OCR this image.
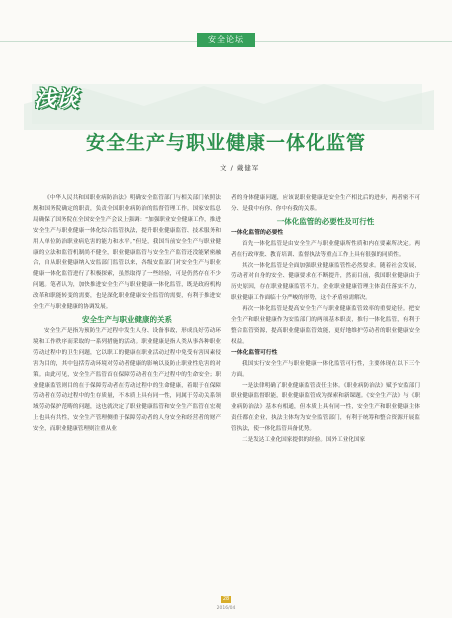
安全论坛
浅谈
安全生产与职业健康一体化监管
文 / 戴健军

《中华人民共和国职业病防治法》明确安全监管部门与相关部门依照法规和国务院确定的职责，负责全国职业病防治的监督管理工作。国家安监总局确保了国务院在全国安全生产会议上强调：“加强职业安全健康工作，推进安全生产与职业健康一体化综合监管执法，提升职业健康监管、技术服务和用人单位防治职业病危害的能力和水平。”但是，我国当前安全生产与职业健康的立法和监管机制尚不健全，职业健康监管与安全生产监管还没能紧密融合，自从职业健康纳入安监部门监管以来，各级安监部门对安全生产与职业健康一体化监管进行了积极探索，虽然取得了一些经验，可是仍然存在不少问题。笔者认为，加快推进安全生产与职业健康一体化监管，既是政府机构改革和职能转变的需要，也是深化职业健康安全监管的需要，有利于推进安全生产与职业健康的协调发展。

安全生产与职业健康的关系

安全生产是指为预防生产过程中发生人身、设备事故，形成良好劳动环境和工作秩序而采取的一系列措施的活动。职业健康是指人类从事各种职业劳动过程中的卫生问题，它以职工的健康在职业活动过程中免受有害因素侵害为目的，其中包括劳动环境对劳动者健康的影响以及防止职业性危害的对策。由此可见，安全生产监管首在保障劳动者在生产过程中的生命安全；职业健康监管则目的在于保障劳动者在劳动过程中的生命健康，着眼于在保障劳动者在劳动过程中的生存质量，不本质上具有同一性，同属于劳动关系领域劳动保护范畴的问题，这也就决定了职业健康监管和安全生产监管在宏观上也具有共性，安全生产管理侧重于保障劳动者的人身安全和经营者的财产安全，而职业健康管理则注重从业

者的身体健康问题，应该说职业健康是安全生产相比后的进步，两者密不可分、是我中有你、你中有我的关系。

一体化监管的必要性及可行性

一体化监管的必要性

首先一体化监管是由安全生产与职业健康所性质和内在要素所决定。两者在行政审批、教育培训、监督执法等重点工作上具有很强的同质性。

其次一体化监管是全面加强职业健康监管性必然要求。随着社会发展，劳动者对自身的安全、健康要求在不断提升，然而目前，我国职业健康由于历史原因，存在职业健康监管不力，企业职业健康管理主体责任落实不力，职业健康工作面临十分严峻的形势，这个矛盾亟需解决。

再次一体化监管是提高安全生产与职业健康监管效率的重要途径。把安全生产和职业健康作为安监部门的两项基本职责，推行一体化监管，有利于整合监管资源，提高职业健康监管效能，更好地维护劳动者的职业健康安全权益。

一体化监管可行性

我国实行安全生产与职业健康一体化监管可行性，主要体现在以下三个方面。

一是法律明确了职业健康监管责任主体。《职业病防治法》赋予安监部门职业健康监督职能，职业健康监管成为探索和新课题。《安全生产法》与《职业病防治法》基本有相通，但本质上具有同一性，安全生产和职业健康主体责任都在企业，执法主体均为安全监管部门，有利于统筹和整合资源开展监管执法，使一体化监管具备优势。

二是发达工业化国家提供的经验。国外工业化国家

28
2016/04
